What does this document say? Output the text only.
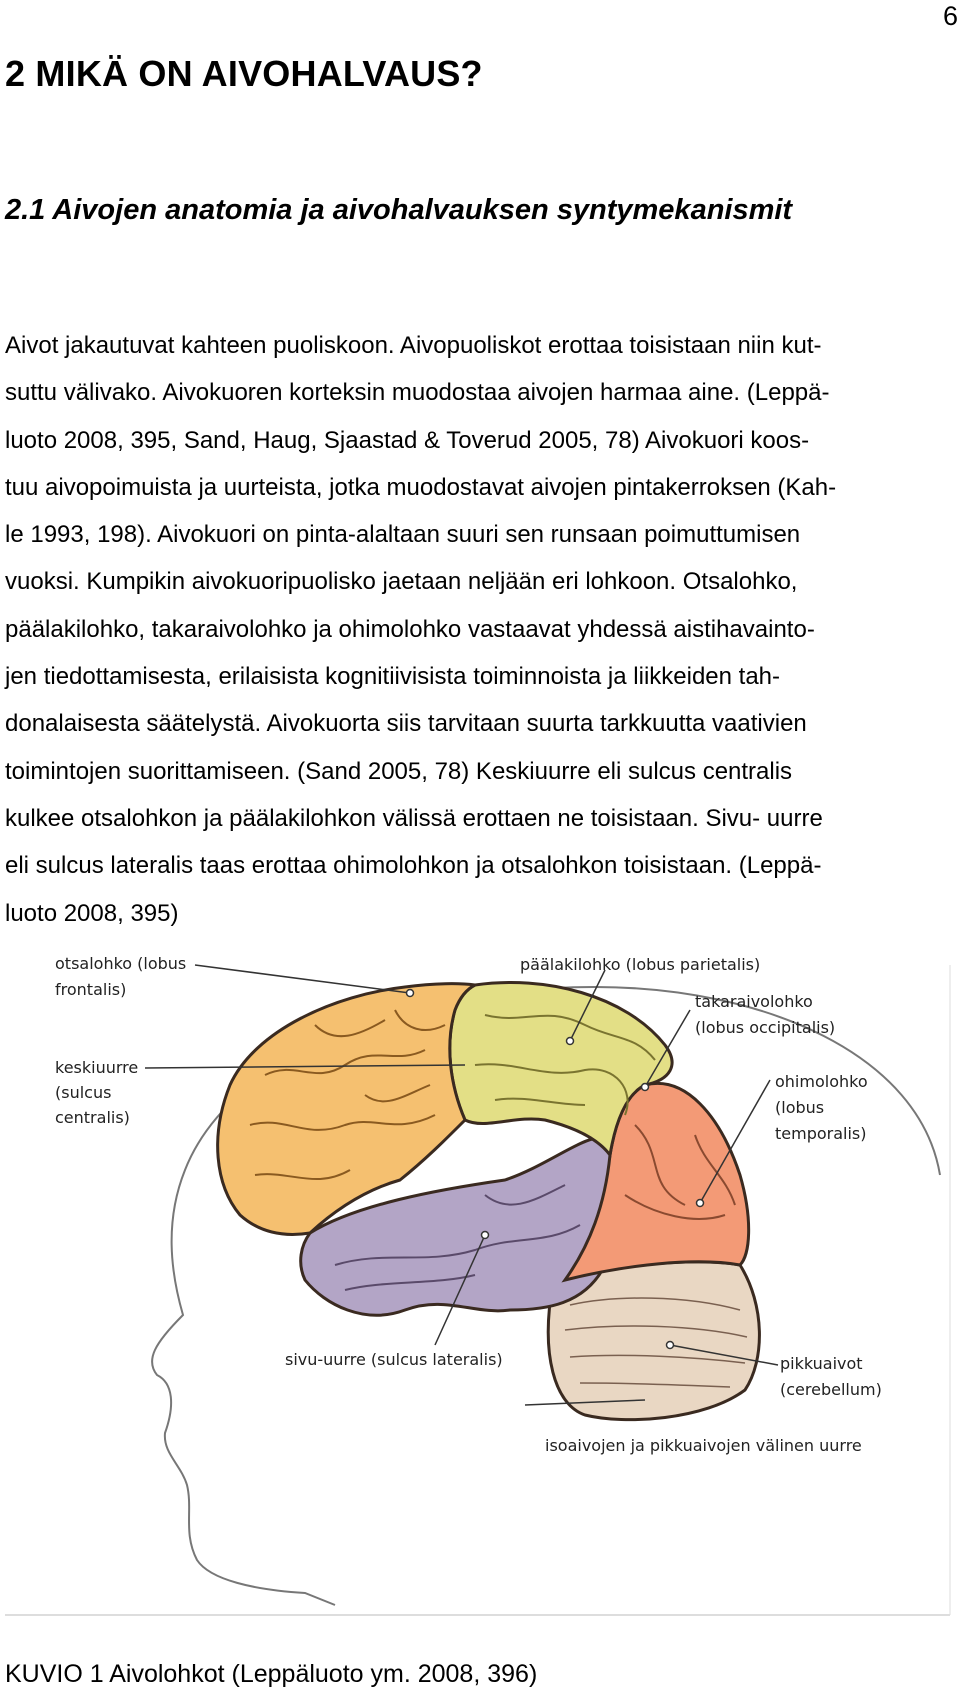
6
2 MIKÄ ON AIVOHALVAUS?
2.1 Aivojen anatomia ja aivohalvauksen syntymekanismit
Aivot jakautuvat kahteen puoliskoon. Aivopuoliskot erottaa toisistaan niin kut-
suttu välivako. Aivokuoren korteksin muodostaa aivojen harmaa aine. (Leppä-
luoto 2008, 395, Sand, Haug, Sjaastad & Toverud 2005, 78) Aivokuori koos-
tuu aivopoimuista ja uurteista, jotka muodostavat aivojen pintakerroksen (Kah-
le 1993, 198). Aivokuori on pinta-alaltaan suuri sen runsaan poimuttumisen
vuoksi. Kumpikin aivokuoripuolisko jaetaan neljään eri lohkoon. Otsalohko,
päälakilohko, takaraivolohko ja ohimolohko vastaavat yhdessä aistihavainto-
jen tiedottamisesta, erilaisista kognitiivisista toiminnoista ja liikkeiden tah-
donalaisesta säätelystä. Aivokuorta siis tarvitaan suurta tarkkuutta vaativien
toimintojen suorittamiseen. (Sand 2005, 78) Keskiuurre eli sulcus centralis
kulkee otsalohkon ja päälakilohkon välissä erottaen ne toisistaan. Sivu- uurre
eli sulcus lateralis taas erottaa ohimolohkon ja otsalohkon toisistaan. (Leppä-
luoto 2008, 395)
otsalohko (lobus
frontalis)
keskiuurre
(sulcus
centralis)
päälakilohko (lobus parietalis)
takaraivolohko
(lobus occipitalis)
ohimolohko
(lobus
temporalis)
sivu-uurre (sulcus lateralis)	pikkuaivot
(cerebellum)
isoaivojen ja pikkuaivojen välinen uurre
KUVIO 1 Aivolohkot (Leppäluoto ym. 2008, 396)
